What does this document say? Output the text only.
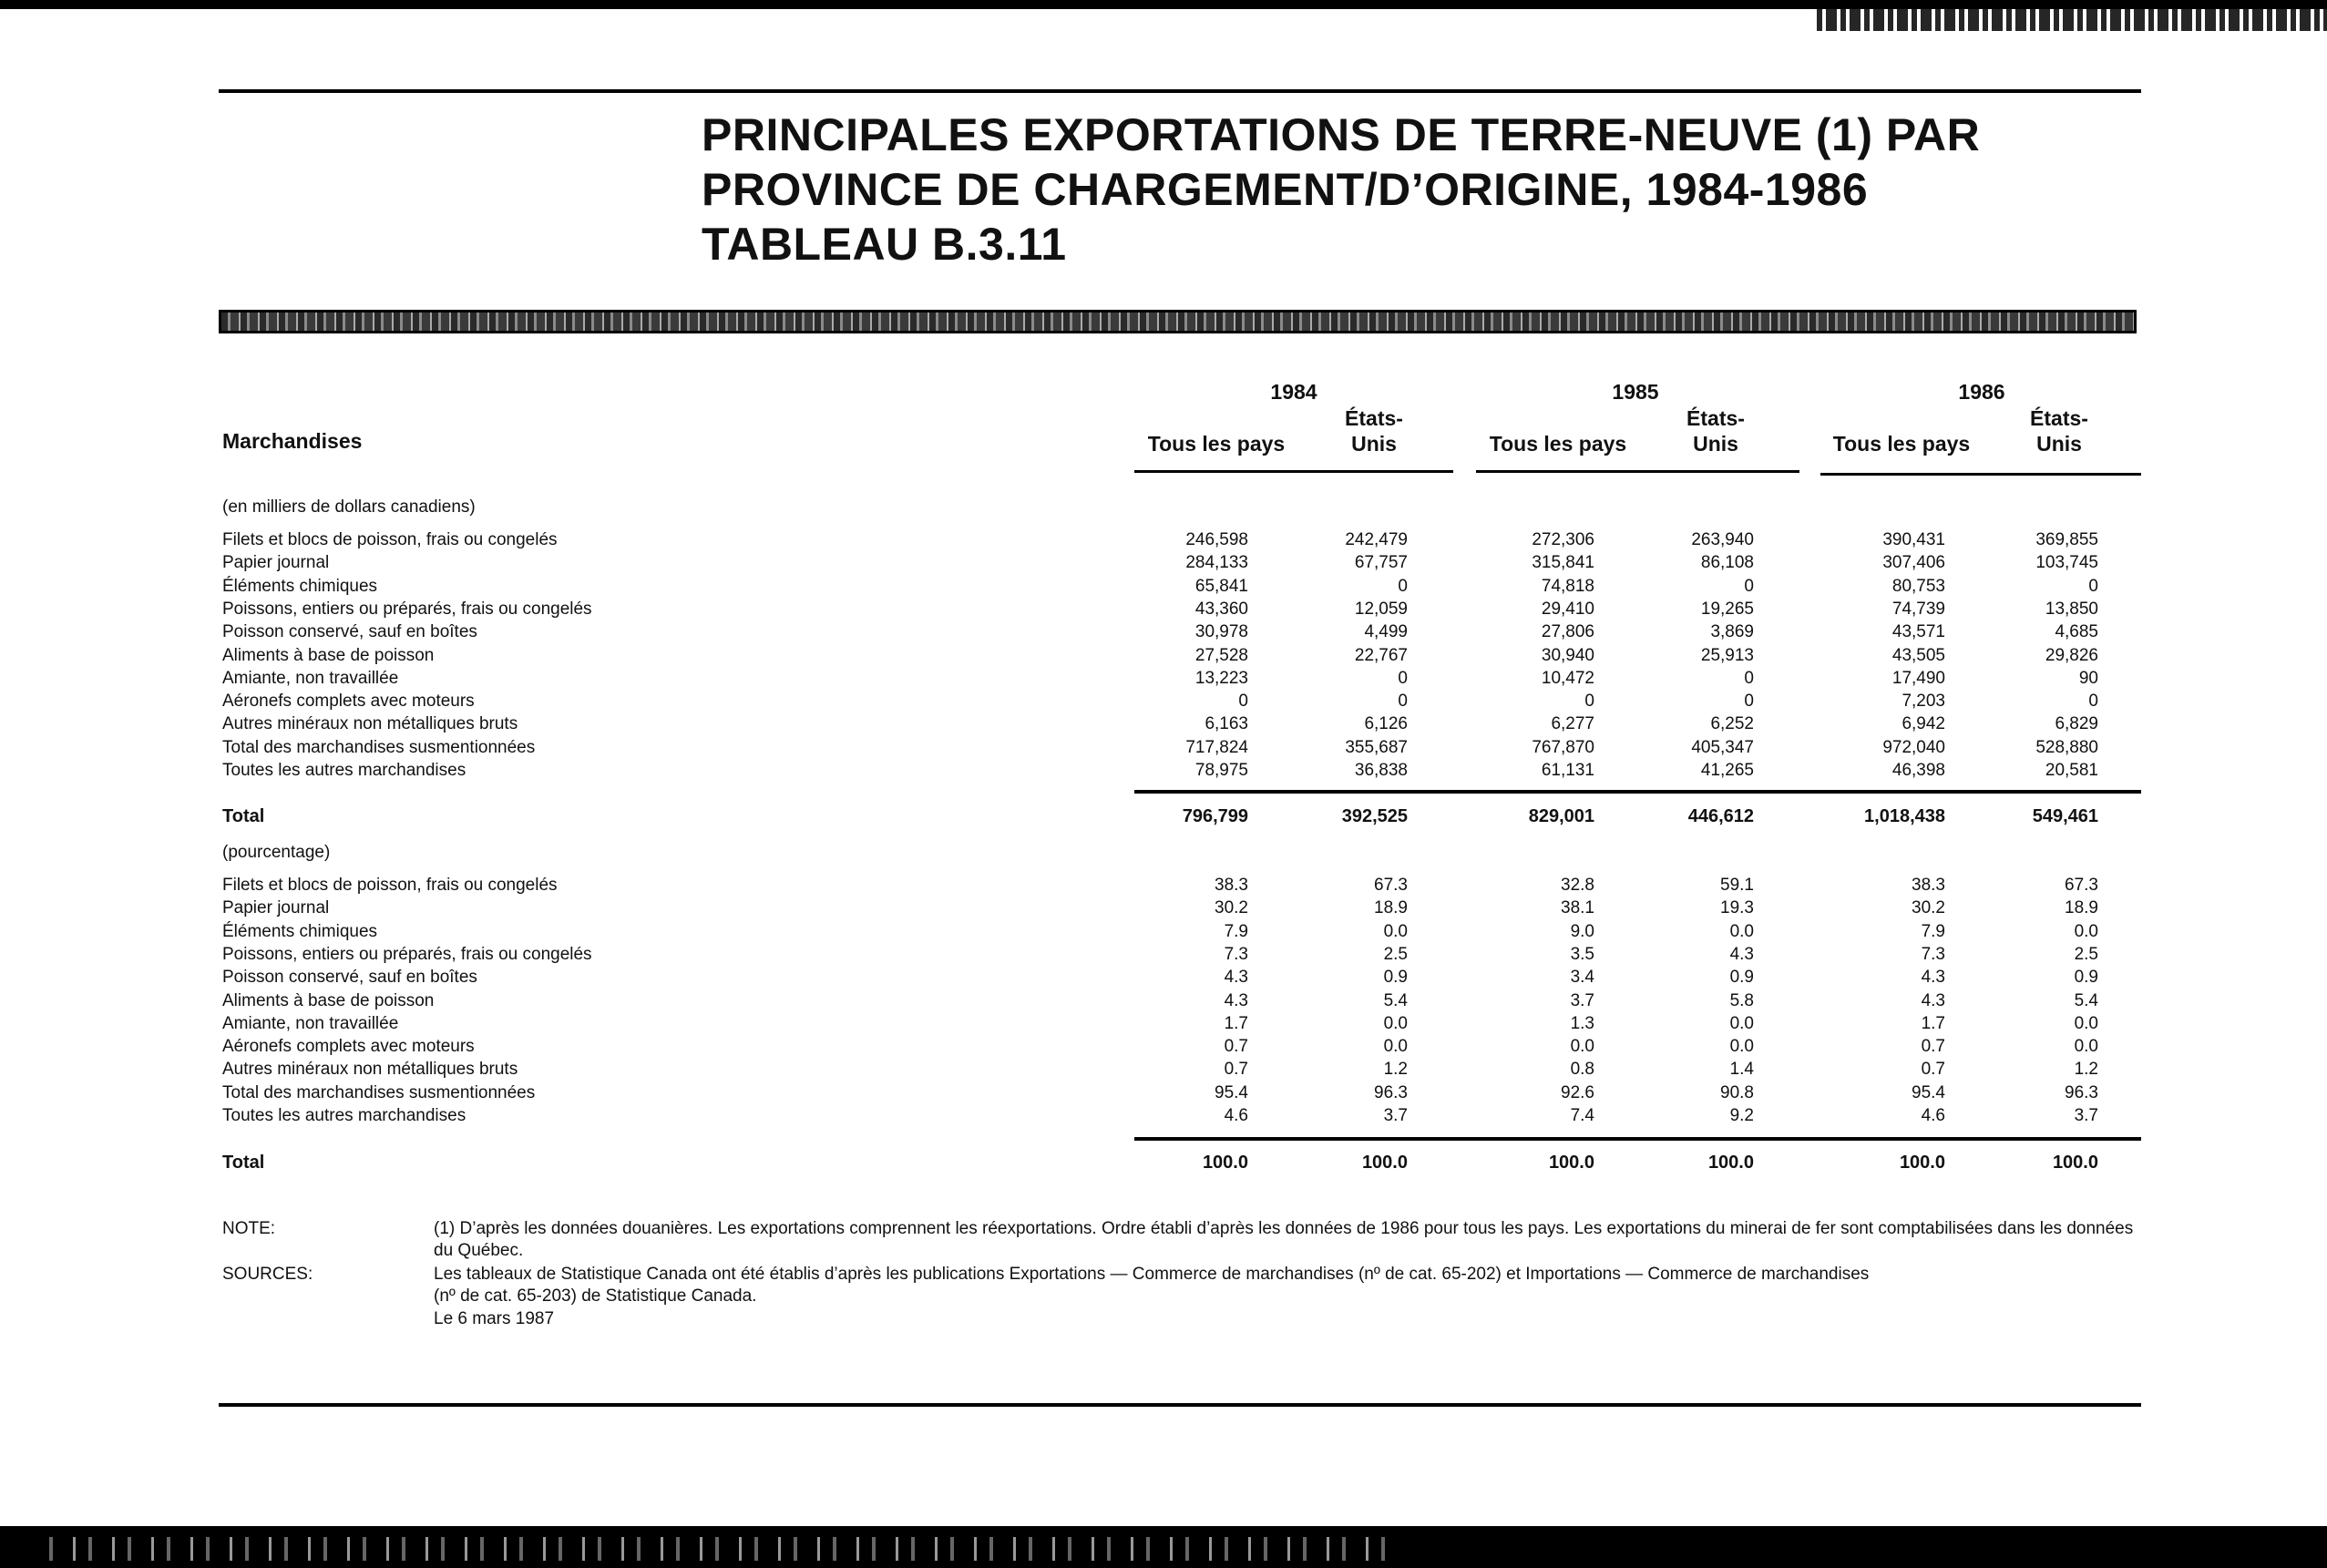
PRINCIPALES EXPORTATIONS DE TERRE-NEUVE (1) PAR
PROVINCE DE CHARGEMENT/D’ORIGINE, 1984-1986
TABLEAU B.3.11
Marchandises
1984	1985	1986
Tous les pays
États-
Unis	Tous les pays
États-
Unis	Tous les pays
États-
Unis
(en milliers de dollars canadiens)
Filets et blocs de poisson, frais ou congelés	246,598	242,479	272,306	263,940	390,431	369,855
Papier journal	284,133	67,757	315,841	86,108	307,406	103,745
Éléments chimiques	65,841	0	74,818	0	80,753	0
Poissons, entiers ou préparés, frais ou congelés	43,360	12,059	29,410	19,265	74,739	13,850
Poisson conservé, sauf en boîtes	30,978	4,499	27,806	3,869	43,571	4,685
Aliments à base de poisson	27,528	22,767	30,940	25,913	43,505	29,826
Amiante, non travaillée	13,223	0	10,472	0	17,490	90
Aéronefs complets avec moteurs	0	0	0	0	7,203	0
Autres minéraux non métalliques bruts	6,163	6,126	6,277	6,252	6,942	6,829
Total des marchandises susmentionnées	717,824	355,687	767,870	405,347	972,040	528,880
Toutes les autres marchandises	78,975	36,838	61,131	41,265	46,398	20,581
Total	796,799	392,525	829,001	446,612	1,018,438	549,461
(pourcentage)
Filets et blocs de poisson, frais ou congelés	38.3	67.3	32.8	59.1	38.3	67.3
Papier journal	30.2	18.9	38.1	19.3	30.2	18.9
Éléments chimiques	7.9	0.0	9.0	0.0	7.9	0.0
Poissons, entiers ou préparés, frais ou congelés	7.3	2.5	3.5	4.3	7.3	2.5
Poisson conservé, sauf en boîtes	4.3	0.9	3.4	0.9	4.3	0.9
Aliments à base de poisson	4.3	5.4	3.7	5.8	4.3	5.4
Amiante, non travaillée	1.7	0.0	1.3	0.0	1.7	0.0
Aéronefs complets avec moteurs	0.7	0.0	0.0	0.0	0.7	0.0
Autres minéraux non métalliques bruts	0.7	1.2	0.8	1.4	0.7	1.2
Total des marchandises susmentionnées	95.4	96.3	92.6	90.8	95.4	96.3
Toutes les autres marchandises	4.6	3.7	7.4	9.2	4.6	3.7
Total	100.0	100.0	100.0	100.0	100.0	100.0
NOTE:	(1) D’après les données douanières. Les exportations comprennent les réexportations. Ordre établi d’après les données de 1986 pour tous les pays. Les exportations du minerai de fer sont comptabilisées dans les données du Québec.
SOURCES:	Les tableaux de Statistique Canada ont été établis d’après les publications Exportations — Commerce de marchandises (nº de cat. 65-202) et Importations — Commerce de marchandises
(nº de cat. 65-203) de Statistique Canada.
Le 6 mars 1987
